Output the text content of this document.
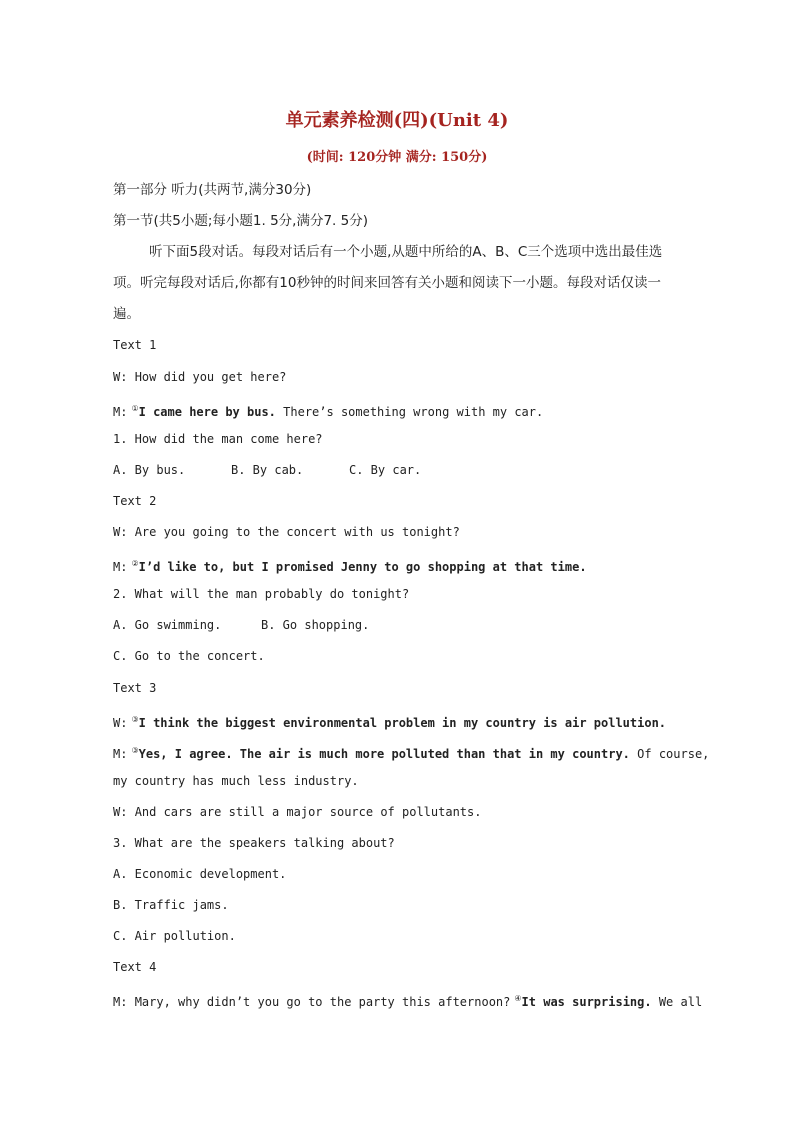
单元素养检测(四)(Unit 4)
(时间: 120分钟 满分: 150分)
第一部分 听力(共两节,满分30分)
第一节(共5小题;每小题1. 5分,满分7. 5分)
听下面5段对话。每段对话后有一个小题,从题中所给的A、B、C三个选项中选出最佳选项。听完每段对话后,你都有10秒钟的时间来回答有关小题和阅读下一小题。每段对话仅读一遍。
Text 1
W: How did you get here?
M: ①I came here by bus. There’s something wrong with my car.
1. How did the man come here?
A. By bus.	B. By cab.	C. By car.
Text 2
W: Are you going to the concert with us tonight?
M: ②I’d like to, but I promised Jenny to go shopping at that time.
2. What will the man probably do tonight?
A. Go swimming.	B. Go shopping.
C. Go to the concert.
Text 3
W: ③I think the biggest environmental problem in my country is air pollution.
M: ③Yes, I agree. The air is much more polluted than that in my country. Of course,
my country has much less industry.
W: And cars are still a major source of pollutants.
3. What are the speakers talking about?
A. Economic development.
B. Traffic jams.
C. Air pollution.
Text 4
M: Mary, why didn’t you go to the party this afternoon? ④It was surprising. We all
